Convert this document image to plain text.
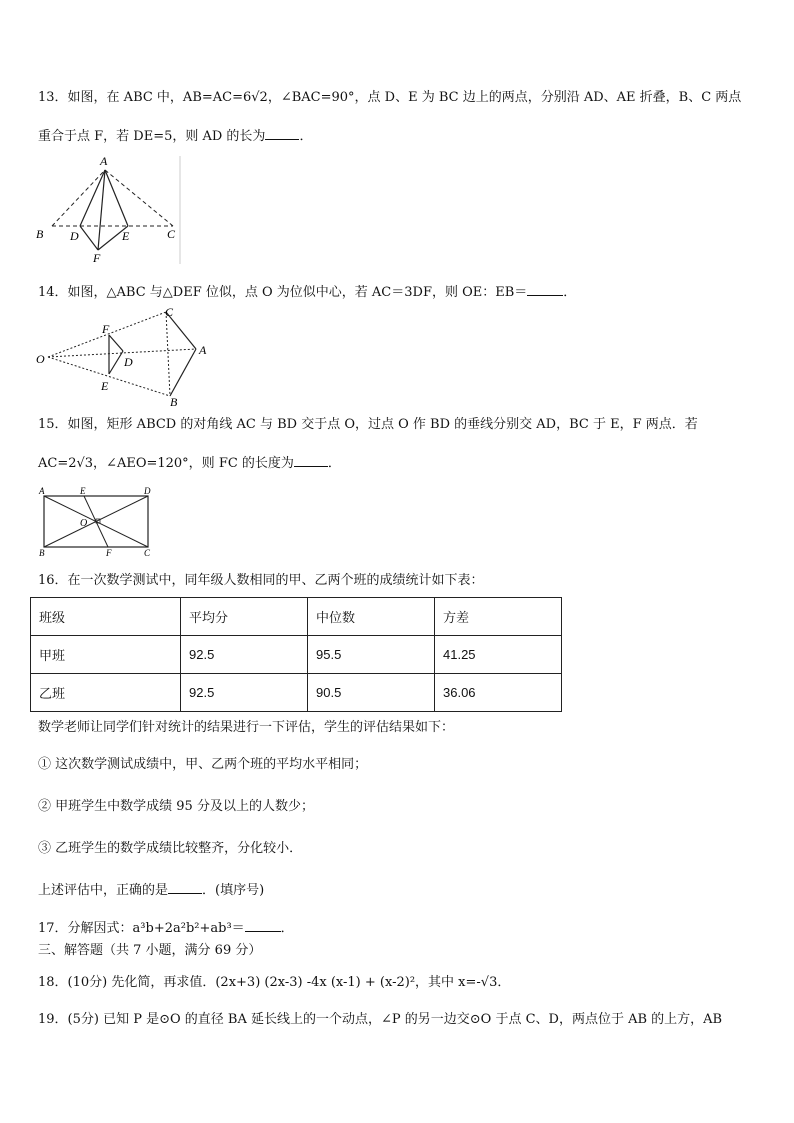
13．如图，在 ABC 中，AB=AC=6√2，∠BAC=90°，点 D、E 为 BC 边上的两点，分别沿 AD、AE 折叠，B、C 两点
重合于点 F，若 DE=5，则 AD 的长为	．
A
B	C
D	E
F
14．如图，△ABC 与△DEF 位似，点 O 为位似中心，若 AC＝3DF，则 OE：EB＝	．
O
F
D
E
C
A
B
15．如图，矩形 ABCD 的对角线 AC 与 BD 交于点 O，过点 O 作 BD 的垂线分别交 AD，BC 于 E，F 两点．若
AC=2√3，∠AEO=120°，则 FC 的长度为	．
A	E	D
O
B	F	C
16．在一次数学测试中，同年级人数相同的甲、乙两个班的成绩统计如下表：
班级	平均分	中位数	方差
甲班	92.5	95.5	41.25
乙班	92.5	90.5	36.06
数学老师让同学们针对统计的结果进行一下评估，学生的评估结果如下：
① 这次数学测试成绩中，甲、乙两个班的平均水平相同；
② 甲班学生中数学成绩 95 分及以上的人数少；
③ 乙班学生的数学成绩比较整齐，分化较小．
上述评估中，正确的是	．(填序号)
17．分解因式：a³b+2a²b²+ab³＝	．
三、解答题（共 7 小题，满分 69 分）
18．(10分) 先化简，再求值．(2x+3) (2x-3) -4x (x-1) + (x-2)²，其中 x=-√3．
19．(5分) 已知 P 是⊙O 的直径 BA 延长线上的一个动点，∠P 的另一边交⊙O 于点 C、D，两点位于 AB 的上方，AB
